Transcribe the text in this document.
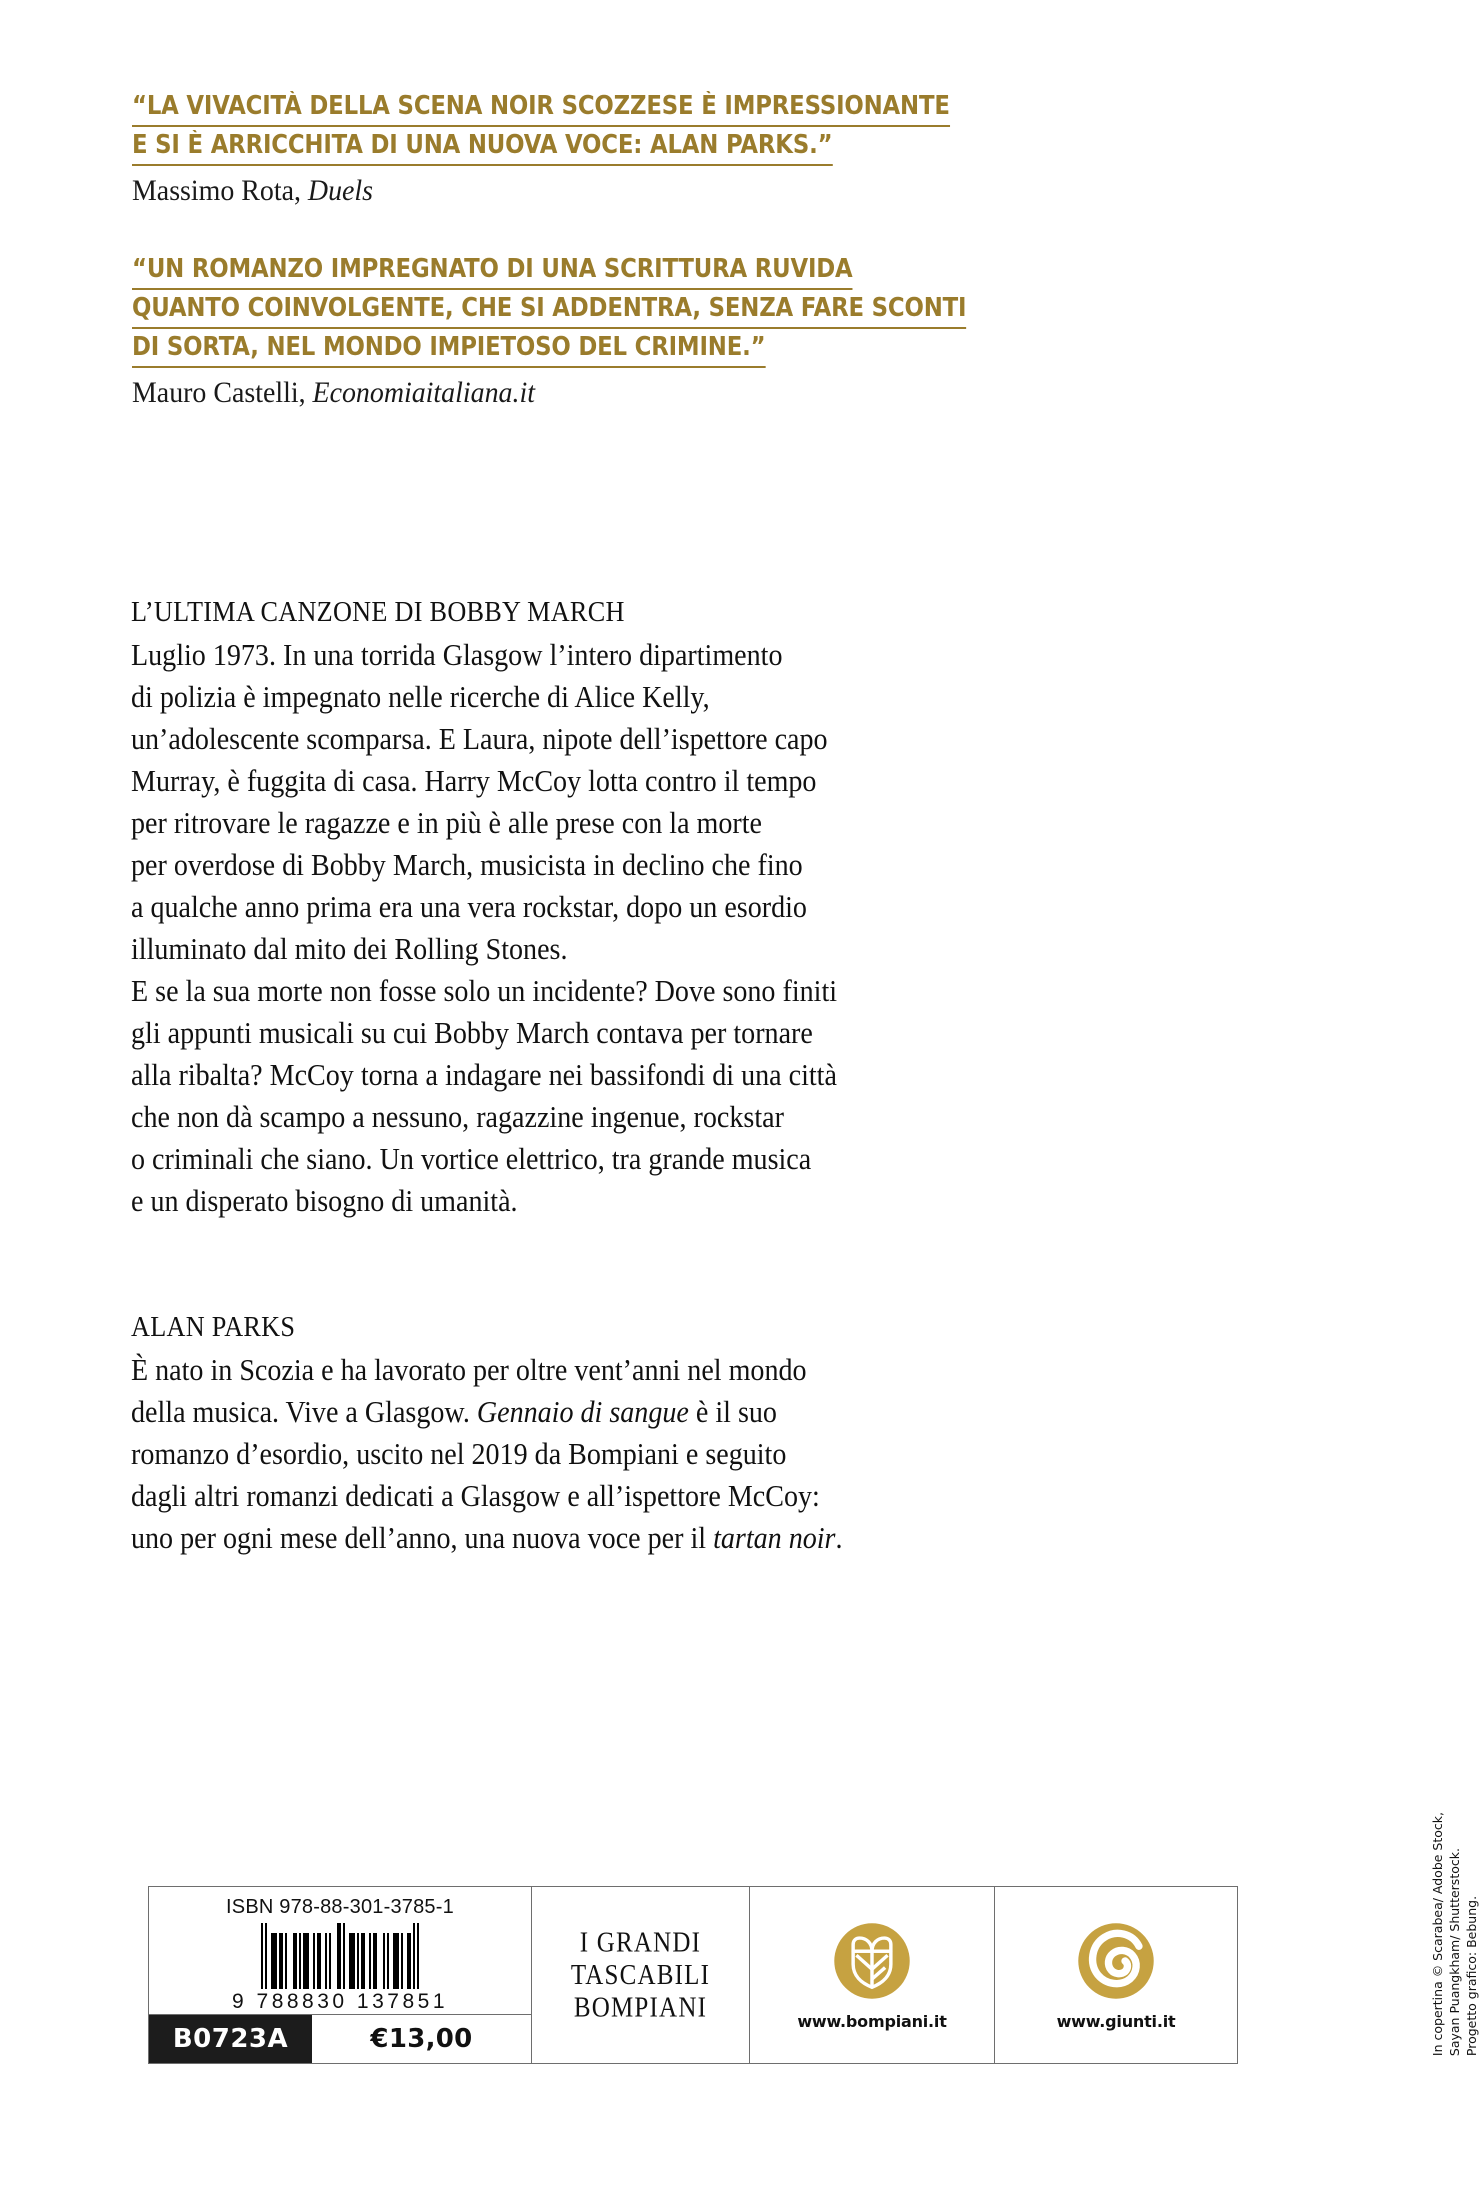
“LA VIVACITÀ DELLA SCENA NOIR SCOZZESE È IMPRESSIONANTE
E SI È ARRICCHITA DI UNA NUOVA VOCE: ALAN PARKS.”
Massimo Rota, Duels
“UN ROMANZO IMPREGNATO DI UNA SCRITTURA RUVIDA
QUANTO COINVOLGENTE, CHE SI ADDENTRA, SENZA FARE SCONTI
DI SORTA, NEL MONDO IMPIETOSO DEL CRIMINE.”
Mauro Castelli, Economiaitaliana.it
L’ULTIMA CANZONE DI BOBBY MARCH
Luglio 1973. In una torrida Glasgow l’intero dipartimento
di polizia è impegnato nelle ricerche di Alice Kelly,
un’adolescente scomparsa. E Laura, nipote dell’ispettore capo
Murray, è fuggita di casa. Harry McCoy lotta contro il tempo
per ritrovare le ragazze e in più è alle prese con la morte
per overdose di Bobby March, musicista in declino che fino
a qualche anno prima era una vera rockstar, dopo un esordio
illuminato dal mito dei Rolling Stones.
E se la sua morte non fosse solo un incidente? Dove sono finiti
gli appunti musicali su cui Bobby March contava per tornare
alla ribalta? McCoy torna a indagare nei bassifondi di una città
che non dà scampo a nessuno, ragazzine ingenue, rockstar
o criminali che siano. Un vortice elettrico, tra grande musica
e un disperato bisogno di umanità.
ALAN PARKS
È nato in Scozia e ha lavorato per oltre vent’anni nel mondo
della musica. Vive a Glasgow. Gennaio di sangue è il suo
romanzo d’esordio, uscito nel 2019 da Bompiani e seguito
dagli altri romanzi dedicati a Glasgow e all’ispettore McCoy:
uno per ogni mese dell’anno, una nuova voce per il tartan noir.
ISBN 978-88-301-3785-1
9 788830 137851
B0723A	€13,00
I GRANDI
TASCABILI
BOMPIANI	www.bompiani.it	www.giunti.it	In copertina © Scarabea/ Adobe Stock, Sayan Puangkham/ Shutterstock. Progetto grafico: Bebung.
